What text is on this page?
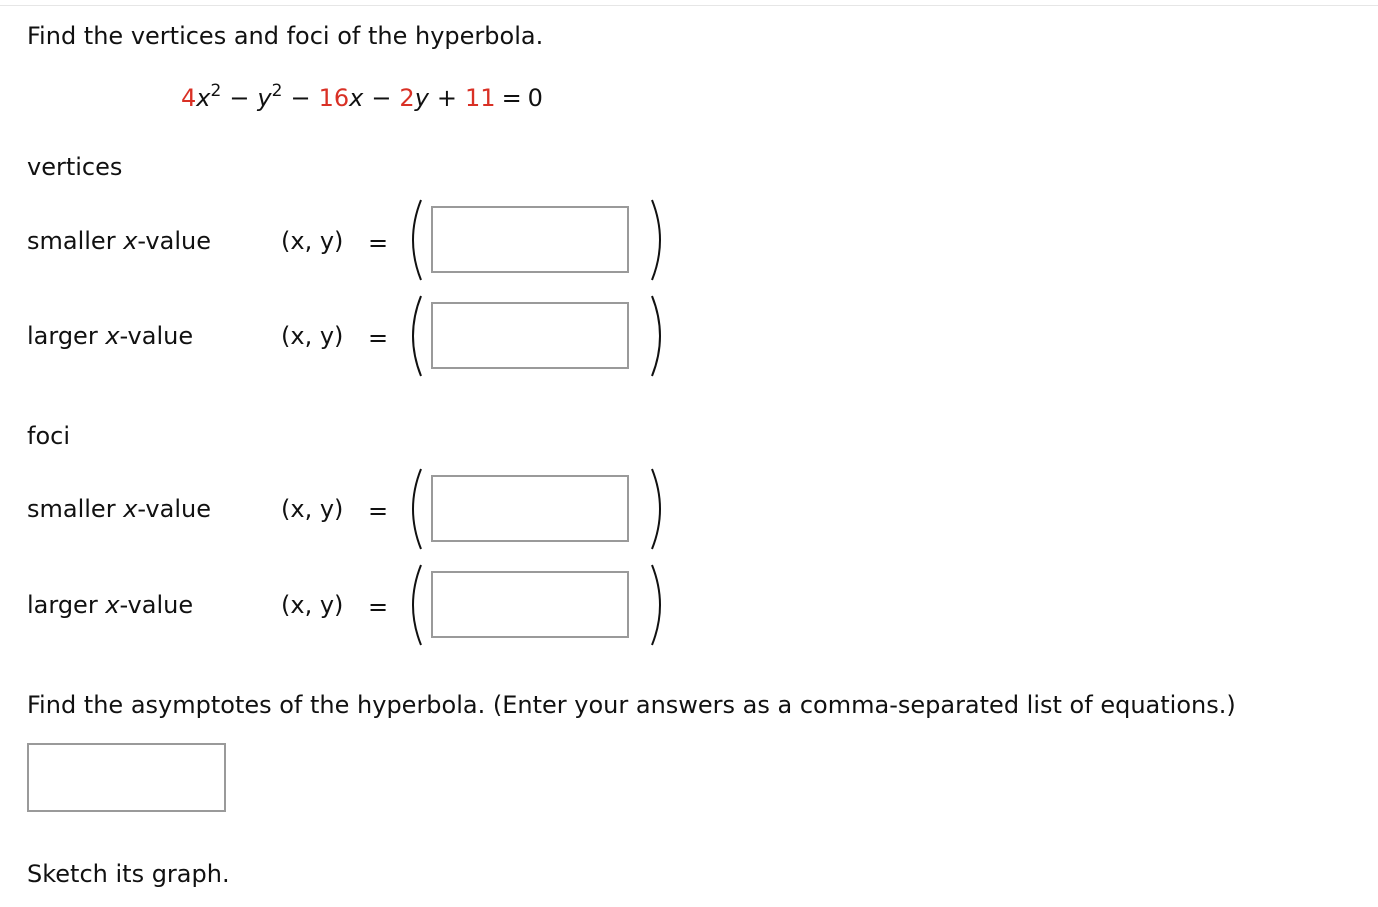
Find the vertices and foci of the hyperbola.
$4x^2 - y^2 - 16x - 2y + 11 = 0$
vertices
smaller x-value	(x, y) =
larger x-value	(x, y) =
foci
smaller x-value	(x, y) =
larger x-value	(x, y) =
Find the asymptotes of the hyperbola. (Enter your answers as a comma-separated list of equations.)
Sketch its graph.
